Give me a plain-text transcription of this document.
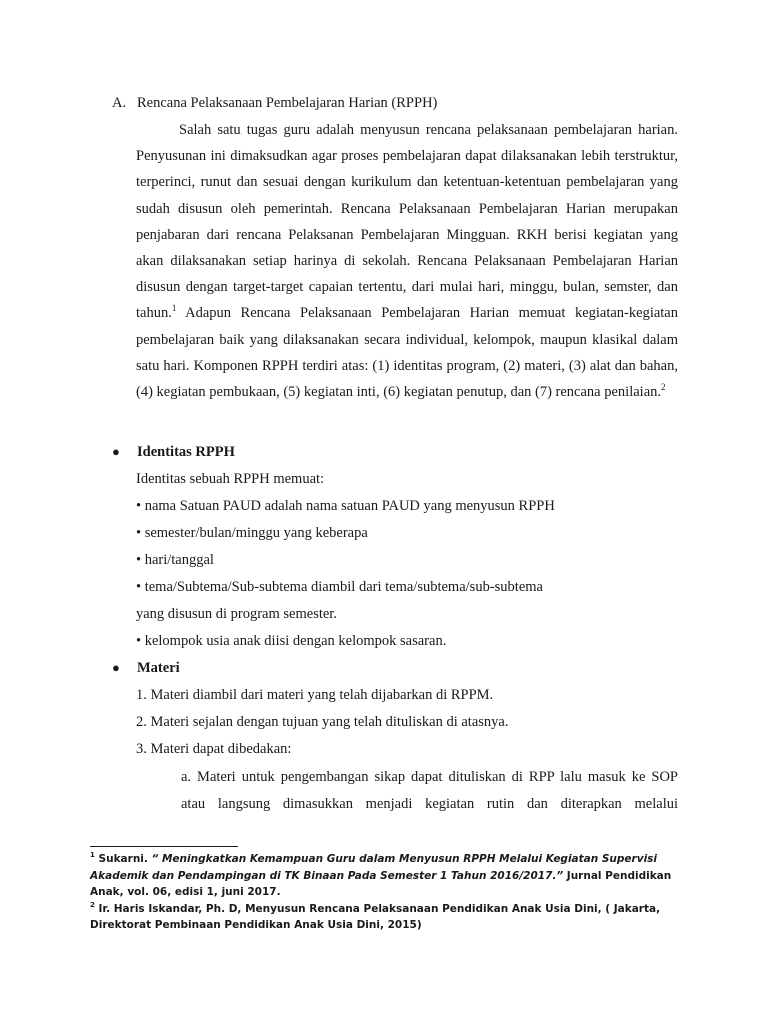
A. Rencana Pelaksanaan Pembelajaran Harian (RPPH)
Salah satu tugas guru adalah menyusun rencana pelaksanaan pembelajaran harian. Penyusunan ini dimaksudkan agar proses pembelajaran dapat dilaksanakan lebih terstruktur, terperinci, runut dan sesuai dengan kurikulum dan ketentuan-ketentuan pembelajaran yang sudah disusun oleh pemerintah. Rencana Pelaksanaan Pembelajaran Harian merupakan penjabaran dari rencana Pelaksanan Pembelajaran Mingguan. RKH berisi kegiatan yang akan dilaksanakan setiap harinya di sekolah. Rencana Pelaksanaan Pembelajaran Harian disusun dengan target-target capaian tertentu, dari mulai hari, minggu, bulan, semster, dan tahun.$^1$ Adapun Rencana Pelaksanaan Pembelajaran Harian memuat kegiatan-kegiatan pembelajaran baik yang dilaksanakan secara individual, kelompok, maupun klasikal dalam satu hari. Komponen RPPH terdiri atas: (1) identitas program, (2) materi, (3) alat dan bahan, (4) kegiatan pembukaan, (5) kegiatan inti, (6) kegiatan penutup, dan (7) rencana penilaian.$^2$
● Identitas RPPH
Identitas sebuah RPPH memuat:
• nama Satuan PAUD adalah nama satuan PAUD yang menyusun RPPH
• semester/bulan/minggu yang keberapa
• hari/tanggal
• tema/Subtema/Sub-subtema diambil dari tema/subtema/sub-subtema
yang disusun di program semester.
• kelompok usia anak diisi dengan kelompok sasaran.
● Materi
1. Materi diambil dari materi yang telah dijabarkan di RPPM.
2. Materi sejalan dengan tujuan yang telah dituliskan di atasnya.
3. Materi dapat dibedakan:
a. Materi untuk pengembangan sikap dapat dituliskan di RPP lalu masuk ke SOP
atau langsung dimasukkan menjadi kegiatan rutin dan diterapkan melalui

$^1$ Sukarni. “ Meningkatkan Kemampuan Guru dalam Menyusun RPPH Melalui Kegiatan Supervisi Akademik dan Pendampingan di TK Binaan Pada Semester 1 Tahun 2016/2017.” Jurnal Pendidikan Anak, vol. 06, edisi 1, juni 2017.

$^2$ Ir. Haris Iskandar, Ph. D, Menyusun Rencana Pelaksanaan Pendidikan Anak Usia Dini, ( Jakarta, Direktorat Pembinaan Pendidikan Anak Usia Dini, 2015)
